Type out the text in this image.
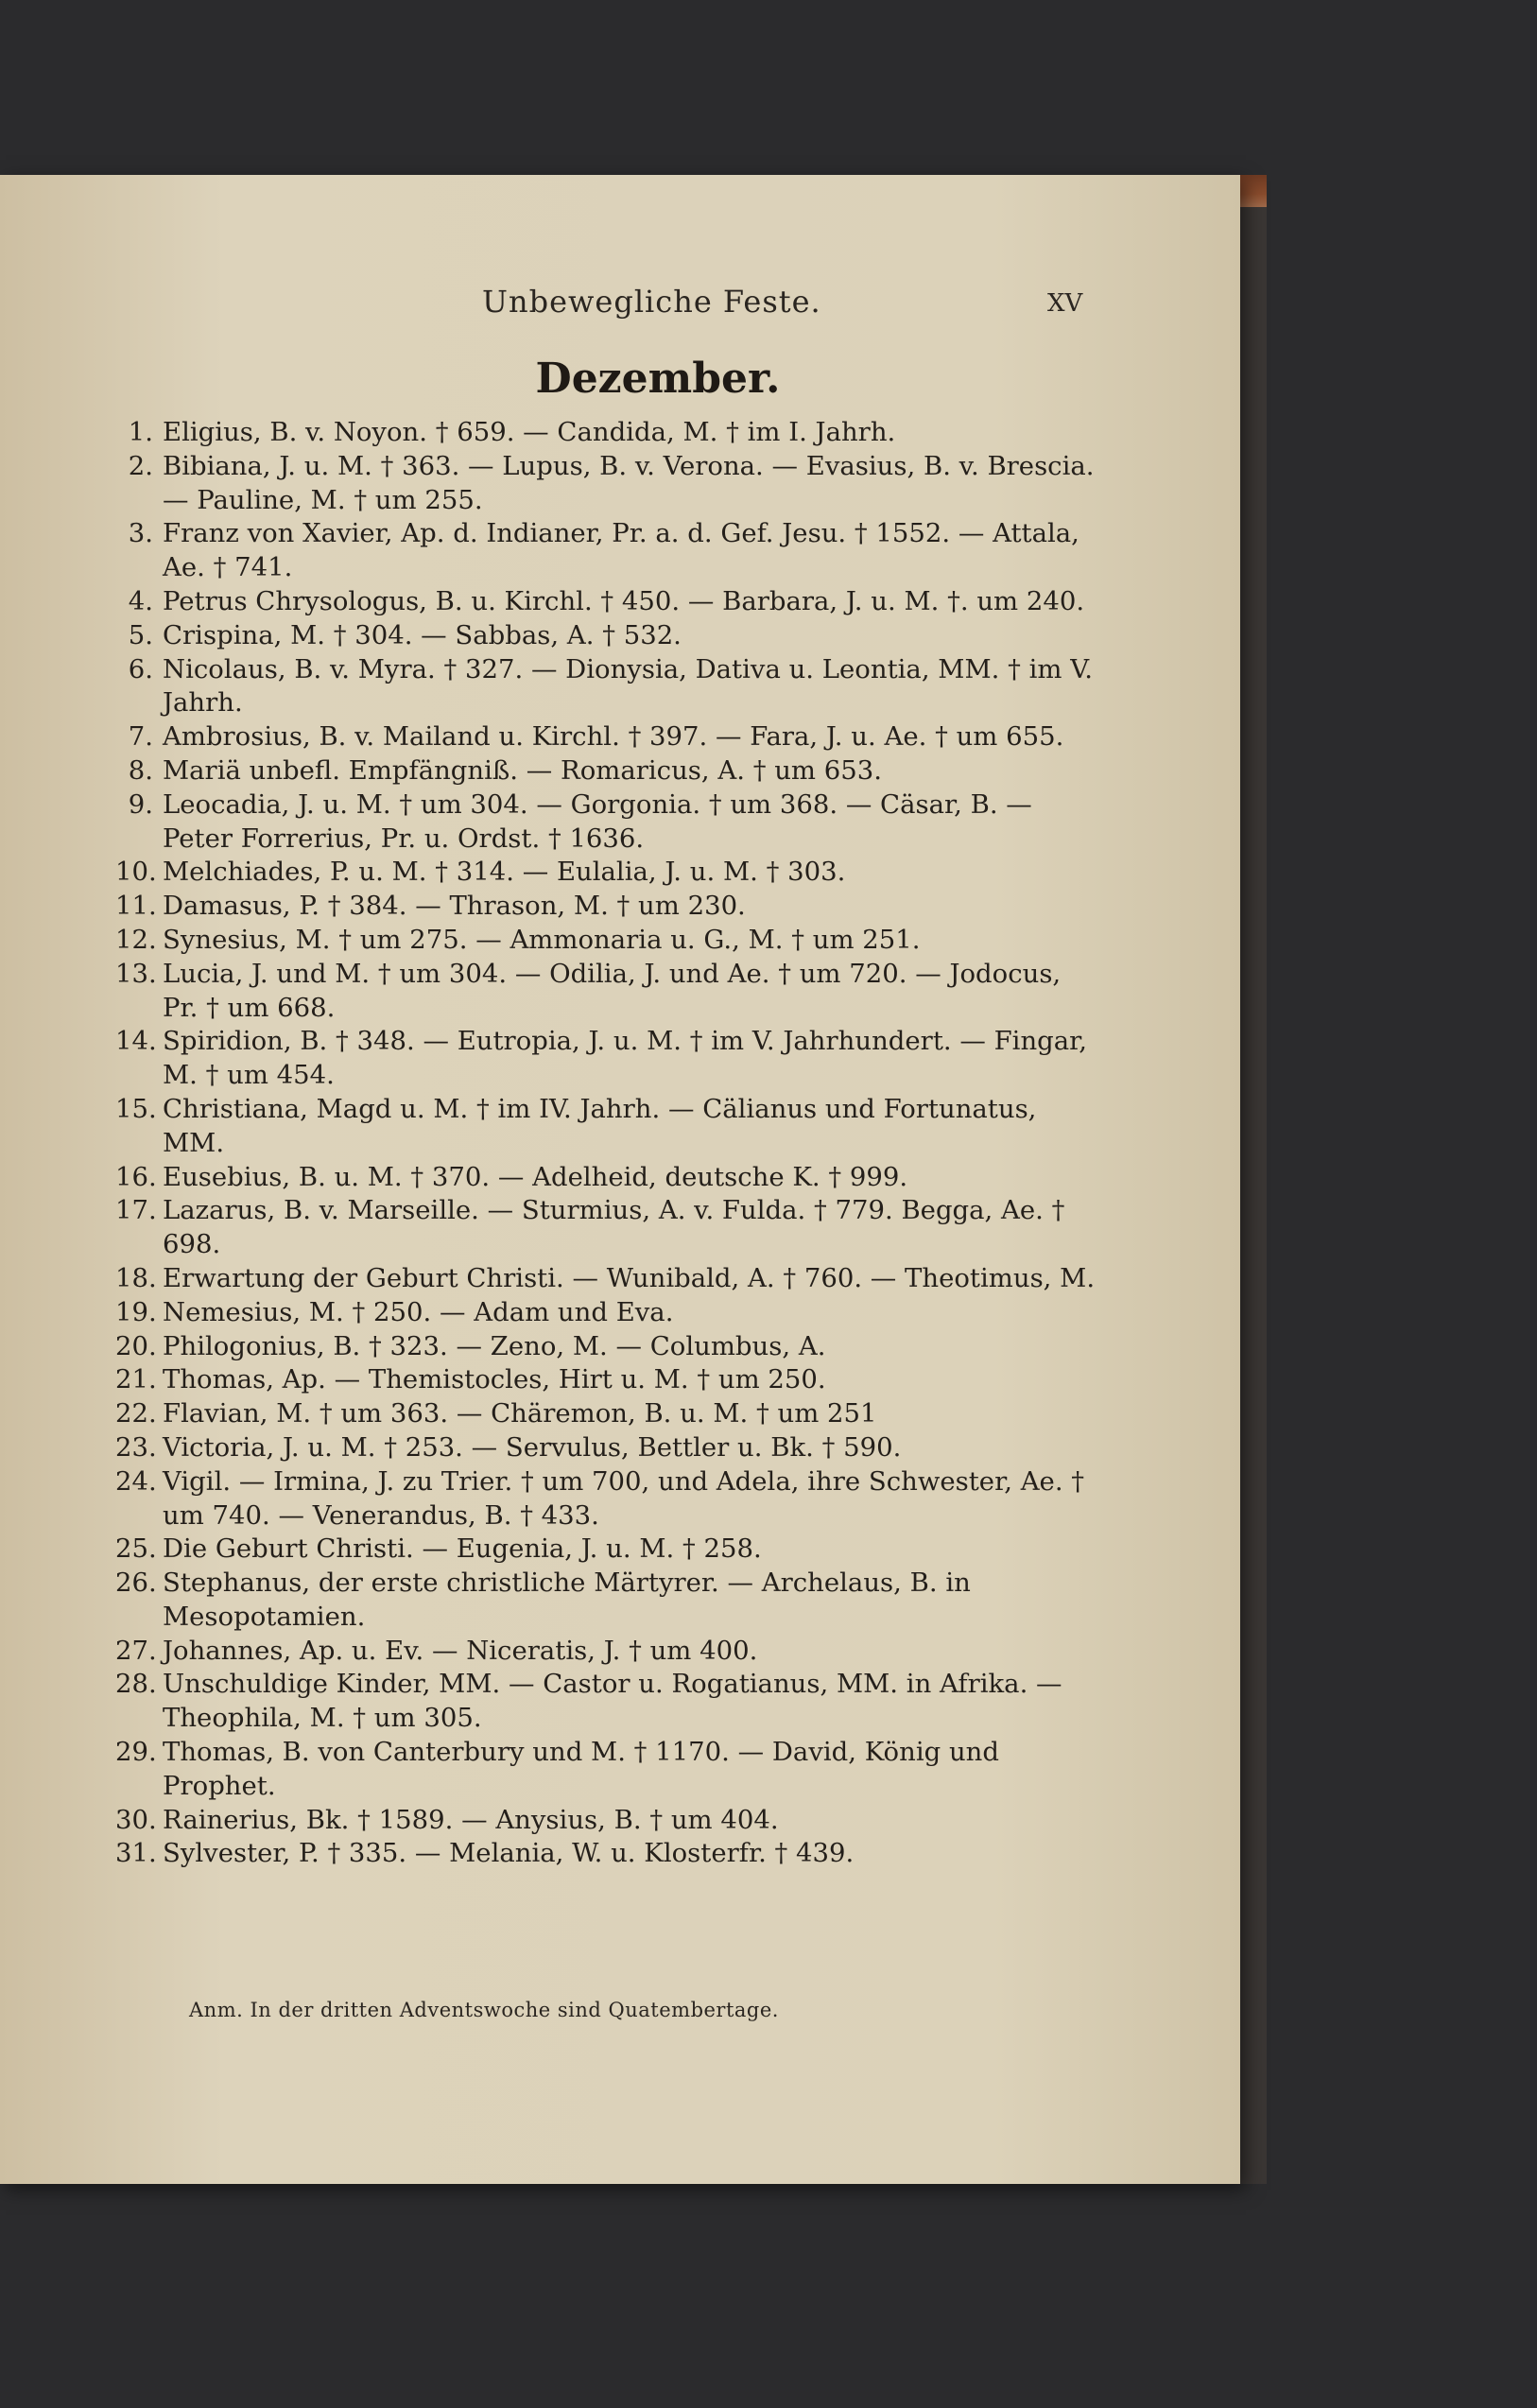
Unbewegliche Feste.	XV
Dezember.
1. Eligius, B. v. Noyon. † 659. — Candida, M. † im I. Jahrh.
2. Bibiana, J. u. M. † 363. — Lupus, B. v. Verona. — Evasius, B. v. Brescia. — Pauline, M. † um 255.
3. Franz von Xavier, Ap. d. Indianer, Pr. a. d. Gef. Jesu. † 1552. — Attala, Ae. † 741.
4. Petrus Chrysologus, B. u. Kirchl. † 450. — Barbara, J. u. M. †. um 240.
5. Crispina, M. † 304. — Sabbas, A. † 532.
6. Nicolaus, B. v. Myra. † 327. — Dionysia, Dativa u. Leontia, MM. † im V. Jahrh.
7. Ambrosius, B. v. Mailand u. Kirchl. † 397. — Fara, J. u. Ae. † um 655.
8. Mariä unbefl. Empfängniß. — Romaricus, A. † um 653.
9. Leocadia, J. u. M. † um 304. — Gorgonia. † um 368. — Cäsar, B. — Peter Forrerius, Pr. u. Ordst. † 1636.
10. Melchiades, P. u. M. † 314. — Eulalia, J. u. M. † 303.
11. Damasus, P. † 384. — Thrason, M. † um 230.
12. Synesius, M. † um 275. — Ammonaria u. G., M. † um 251.
13. Lucia, J. und M. † um 304. — Odilia, J. und Ae. † um 720. — Jodocus, Pr. † um 668.
14. Spiridion, B. † 348. — Eutropia, J. u. M. † im V. Jahrhundert. — Fingar, M. † um 454.
15. Christiana, Magd u. M. † im IV. Jahrh. — Cälianus und Fortunatus, MM.
16. Eusebius, B. u. M. † 370. — Adelheid, deutsche K. † 999.
17. Lazarus, B. v. Marseille. — Sturmius, A. v. Fulda. † 779. Begga, Ae. † 698.
18. Erwartung der Geburt Christi. — Wunibald, A. † 760. — Theotimus, M.
19. Nemesius, M. † 250. — Adam und Eva.
20. Philogonius, B. † 323. — Zeno, M. — Columbus, A.
21. Thomas, Ap. — Themistocles, Hirt u. M. † um 250.
22. Flavian, M. † um 363. — Chäremon, B. u. M. † um 251
23. Victoria, J. u. M. † 253. — Servulus, Bettler u. Bk. † 590.
24. Vigil. — Irmina, J. zu Trier. † um 700, und Adela, ihre Schwester, Ae. † um 740. — Venerandus, B. † 433.
25. Die Geburt Christi. — Eugenia, J. u. M. † 258.
26. Stephanus, der erste christliche Märtyrer. — Archelaus, B. in Mesopotamien.
27. Johannes, Ap. u. Ev. — Niceratis, J. † um 400.
28. Unschuldige Kinder, MM. — Castor u. Rogatianus, MM. in Afrika. — Theophila, M. † um 305.
29. Thomas, B. von Canterbury und M. † 1170. — David, König und Prophet.
30. Rainerius, Bk. † 1589. — Anysius, B. † um 404.
31. Sylvester, P. † 335. — Melania, W. u. Klosterfr. † 439.
Anm. In der dritten Adventswoche sind Quatembertage.
